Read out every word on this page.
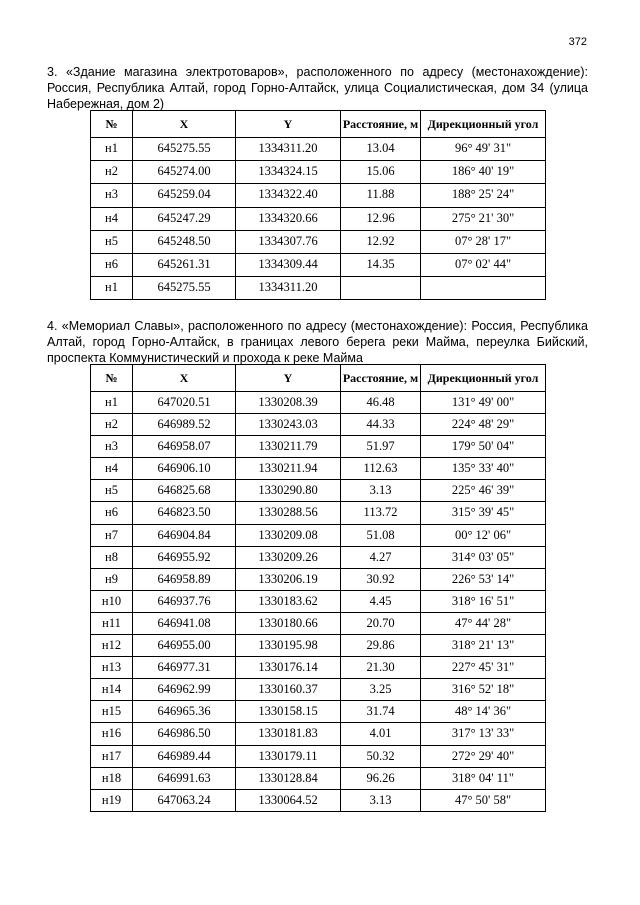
372

3. «Здание магазина электротоваров», расположенного по адресу (местонахождение): Россия, Республика Алтай, город Горно-Алтайск, улица Социалистическая, дом 34 (улица Набережная, дом 2)

№	X	Y	Расстояние, м	Дирекционный угол
н1	645275.55	1334311.20	13.04	96° 49' 31"
н2	645274.00	1334324.15	15.06	186° 40' 19"
н3	645259.04	1334322.40	11.88	188° 25' 24"
н4	645247.29	1334320.66	12.96	275° 21' 30"
н5	645248.50	1334307.76	12.92	07° 28' 17"
н6	645261.31	1334309.44	14.35	07° 02' 44"
н1	645275.55	1334311.20		

4. «Мемориал Славы», расположенного по адресу (местонахождение): Россия, Республика Алтай, город Горно-Алтайск, в границах левого берега реки Майма, переулка Бийский, проспекта Коммунистический и прохода к реке Майма

№	X	Y	Расстояние, м	Дирекционный угол
н1	647020.51	1330208.39	46.48	131° 49' 00"
н2	646989.52	1330243.03	44.33	224° 48' 29"
н3	646958.07	1330211.79	51.97	179° 50' 04"
н4	646906.10	1330211.94	112.63	135° 33' 40"
н5	646825.68	1330290.80	3.13	225° 46' 39"
н6	646823.50	1330288.56	113.72	315° 39' 45"
н7	646904.84	1330209.08	51.08	00° 12' 06"
н8	646955.92	1330209.26	4.27	314° 03' 05"
н9	646958.89	1330206.19	30.92	226° 53' 14"
н10	646937.76	1330183.62	4.45	318° 16' 51"
н11	646941.08	1330180.66	20.70	47° 44' 28"
н12	646955.00	1330195.98	29.86	318° 21' 13"
н13	646977.31	1330176.14	21.30	227° 45' 31"
н14	646962.99	1330160.37	3.25	316° 52' 18"
н15	646965.36	1330158.15	31.74	48° 14' 36"
н16	646986.50	1330181.83	4.01	317° 13' 33"
н17	646989.44	1330179.11	50.32	272° 29' 40"
н18	646991.63	1330128.84	96.26	318° 04' 11"
н19	647063.24	1330064.52	3.13	47° 50' 58"
